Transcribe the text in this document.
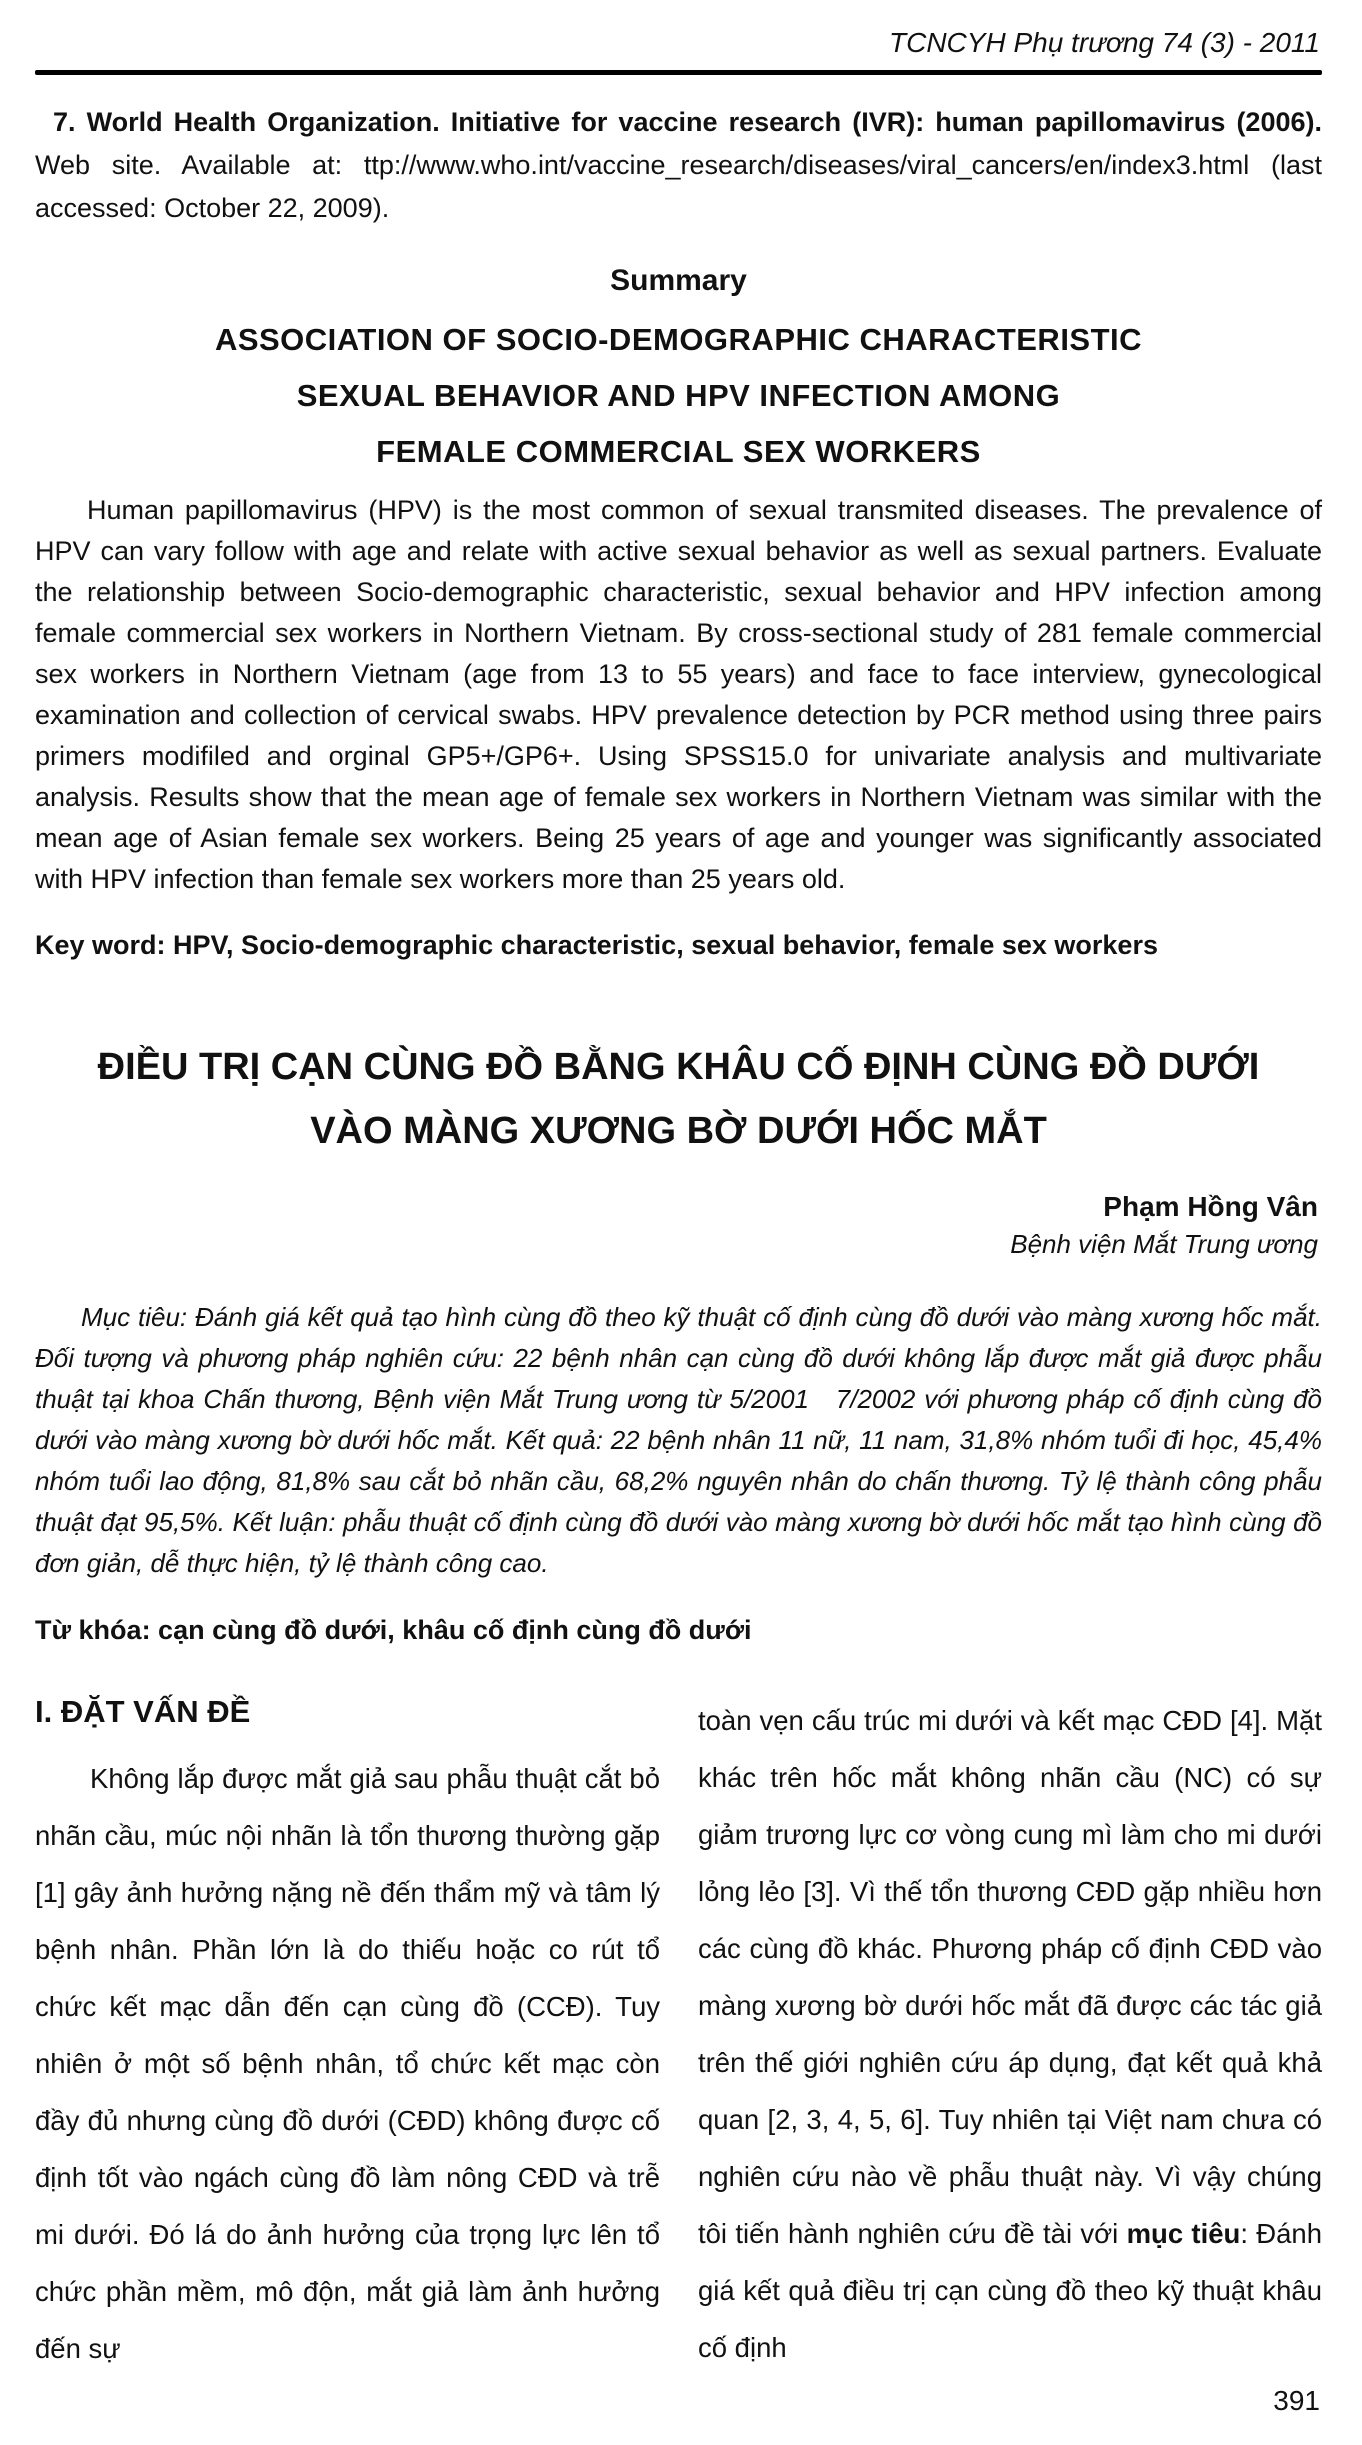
TCNCYH Phụ trương 74 (3) - 2011

7. World Health Organization. Initiative for vaccine research (IVR): human papillomavirus (2006). Web site. Available at: ttp://www.who.int/vaccine_research/diseases/viral_cancers/en/index3.html (last accessed: October 22, 2009).

Summary
ASSOCIATION OF SOCIO-DEMOGRAPHIC CHARACTERISTIC
SEXUAL BEHAVIOR AND HPV INFECTION AMONG
FEMALE COMMERCIAL SEX WORKERS

Human papillomavirus (HPV) is the most common of sexual transmited diseases. The prevalence of HPV can vary follow with age and relate with active sexual behavior as well as sexual partners. Evaluate the relationship between Socio-demographic characteristic, sexual behavior and HPV infection among female commercial sex workers in Northern Vietnam. By cross-sectional study of 281 female commercial sex workers in Northern Vietnam (age from 13 to 55 years) and face to face interview, gynecological examination and collection of cervical swabs. HPV prevalence detection by PCR method using three pairs primers modifiled and orginal GP5+/GP6+. Using SPSS15.0 for univariate analysis and multivariate analysis. Results show that the mean age of female sex workers in Northern Vietnam was similar with the mean age of Asian female sex workers. Being 25 years of age and younger was significantly associated with HPV infection than female sex workers more than 25 years old.

Key word: HPV, Socio-demographic characteristic, sexual behavior, female sex workers
ĐIỀU TRỊ CẠN CÙNG ĐỒ BẰNG KHÂU CỐ ĐỊNH CÙNG ĐỒ DƯỚI
VÀO MÀNG XƯƠNG BỜ DƯỚI HỐC MẮT
Phạm Hồng Vân
Bệnh viện Mắt Trung ương

Mục tiêu: Đánh giá kết quả tạo hình cùng đồ theo kỹ thuật cố định cùng đồ dưới vào màng xương hốc mắt. Đối tượng và phương pháp nghiên cứu: 22 bệnh nhân cạn cùng đồ dưới không lắp được mắt giả được phẫu thuật tại khoa Chấn thương, Bệnh viện Mắt Trung ương từ 5/2001   7/2002 với phương pháp cố định cùng đồ dưới vào màng xương bờ dưới hốc mắt. Kết quả: 22 bệnh nhân 11 nữ, 11 nam, 31,8% nhóm tuổi đi học, 45,4% nhóm tuổi lao động, 81,8% sau cắt bỏ nhãn cầu, 68,2% nguyên nhân do chấn thương. Tỷ lệ thành công phẫu thuật đạt 95,5%. Kết luận: phẫu thuật cố định cùng đồ dưới vào màng xương bờ dưới hốc mắt tạo hình cùng đồ đơn giản, dễ thực hiện, tỷ lệ thành công cao.

Từ khóa: cạn cùng đồ dưới, khâu cố định cùng đồ dưới
I. ĐẶT VẤN ĐỀ

Không lắp được mắt giả sau phẫu thuật cắt bỏ nhãn cầu, múc nội nhãn là tổn thương thường gặp [1] gây ảnh hưởng nặng nề đến thẩm mỹ và tâm lý bệnh nhân. Phần lớn là do thiếu hoặc co rút tổ chức kết mạc dẫn đến cạn cùng đồ (CCĐ). Tuy nhiên ở một số bệnh nhân, tổ chức kết mạc còn đầy đủ nhưng cùng đồ dưới (CĐD) không được cố định tốt vào ngách cùng đồ làm nông CĐD và trễ mi dưới. Đó lá do ảnh hưởng của trọng lực lên tổ chức phần mềm, mô độn, mắt giả làm ảnh hưởng đến sự

toàn vẹn cấu trúc mi dưới và kết mạc CĐD [4]. Mặt khác trên hốc mắt không nhãn cầu (NC) có sự giảm trương lực cơ vòng cung mì làm cho mi dưới lỏng lẻo [3]. Vì thế tổn thương CĐD gặp nhiều hơn các cùng đồ khác. Phương pháp cố định CĐD vào màng xương bờ dưới hốc mắt đã được các tác giả trên thế giới nghiên cứu áp dụng, đạt kết quả khả quan [2, 3, 4, 5, 6]. Tuy nhiên tại Việt nam chưa có nghiên cứu nào về phẫu thuật này. Vì vậy chúng tôi tiến hành nghiên cứu đề tài với mục tiêu: Đánh giá kết quả điều trị cạn cùng đồ theo kỹ thuật khâu cố định

391
